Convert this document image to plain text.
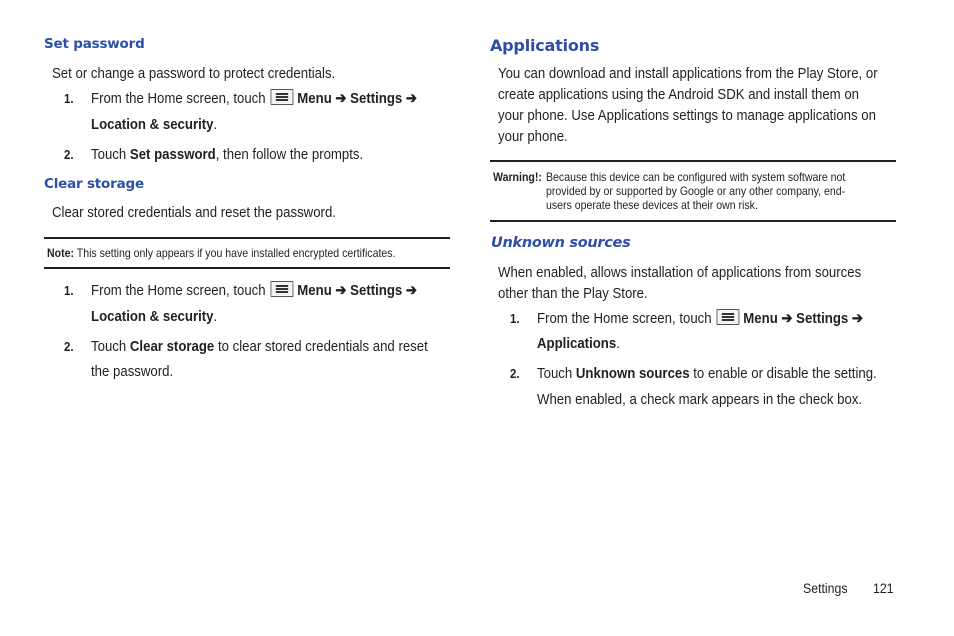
Set password
Set or change a password to protect credentials.
1. From the Home screen, touch Menu ➔ Settings ➔
Location & security.
2. Touch Set password, then follow the prompts.
Clear storage
Clear stored credentials and reset the password.
Note: This setting only appears if you have installed encrypted certificates.
1. From the Home screen, touch Menu ➔ Settings ➔
Location & security.
2. Touch Clear storage to clear stored credentials and reset
the password.
Applications
You can download and install applications from the Play Store, or
create applications using the Android SDK and install them on
your phone. Use Applications settings to manage applications on
your phone.
Warning!: Because this device can be configured with system software not
provided by or supported by Google or any other company, end-
users operate these devices at their own risk.
Unknown sources
When enabled, allows installation of applications from sources
other than the Play Store.
1. From the Home screen, touch Menu ➔ Settings ➔
Applications.
2. Touch Unknown sources to enable or disable the setting.
When enabled, a check mark appears in the check box.
Settings	121
